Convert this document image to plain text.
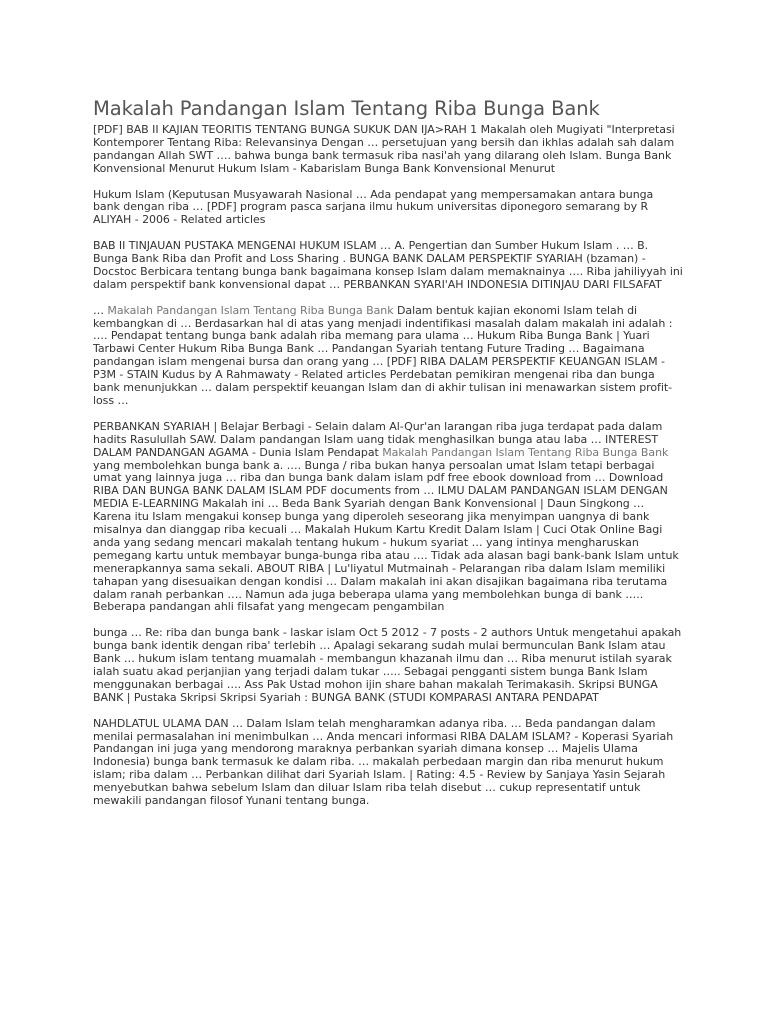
Makalah Pandangan Islam Tentang Riba Bunga Bank

[PDF] BAB II KAJIAN TEORITIS TENTANG BUNGA SUKUK DAN IJA>RAH 1 Makalah oleh Mugiyati "Interpretasi Kontemporer Tentang Riba: Relevansinya Dengan … persetujuan yang bersih dan ikhlas adalah sah dalam pandangan Allah SWT …. bahwa bunga bank termasuk riba nasi'ah yang dilarang oleh Islam. Bunga Bank Konvensional Menurut Hukum Islam - Kabarislam Bunga Bank Konvensional Menurut

Hukum Islam (Keputusan Musyawarah Nasional … Ada pendapat yang mempersamakan antara bunga bank dengan riba … [PDF] program pasca sarjana ilmu hukum universitas diponegoro semarang by R ALIYAH - 2006 - Related articles

BAB II TINJAUAN PUSTAKA MENGENAI HUKUM ISLAM … A. Pengertian dan Sumber Hukum Islam . … B. Bunga Bank Riba dan Profit and Loss Sharing . BUNGA BANK DALAM PERSPEKTIF SYARIAH (bzaman) - Docstoc Berbicara tentang bunga bank bagaimana konsep Islam dalam memaknainya …. Riba jahiliyyah ini dalam perspektif bank konvensional dapat … PERBANKAN SYARI'AH INDONESIA DITINJAU DARI FILSAFAT

… Makalah Pandangan Islam Tentang Riba Bunga Bank Dalam bentuk kajian ekonomi Islam telah di kembangkan di … Berdasarkan hal di atas yang menjadi indentifikasi masalah dalam makalah ini adalah : …. Pendapat tentang bunga bank adalah riba memang para ulama … Hukum Riba Bunga Bank | Yuari Tarbawi Center Hukum Riba Bunga Bank … Pandangan Syariah tentang Future Trading … Bagaimana pandangan islam mengenai bursa dan orang yang … [PDF] RIBA DALAM PERSPEKTIF KEUANGAN ISLAM - P3M - STAIN Kudus by A Rahmawaty - Related articles Perdebatan pemikiran mengenai riba dan bunga bank menunjukkan … dalam perspektif keuangan Islam dan di akhir tulisan ini menawarkan sistem profit-loss …

PERBANKAN SYARIAH | Belajar Berbagi - Selain dalam Al-Qur'an larangan riba juga terdapat pada dalam hadits Rasulullah SAW. Dalam pandangan Islam uang tidak menghasilkan bunga atau laba … INTEREST DALAM PANDANGAN AGAMA - Dunia Islam Pendapat Makalah Pandangan Islam Tentang Riba Bunga Bank yang membolehkan bunga bank a. …. Bunga / riba bukan hanya persoalan umat Islam tetapi berbagai umat yang lainnya juga … riba dan bunga bank dalam islam pdf free ebook download from … Download RIBA DAN BUNGA BANK DALAM ISLAM PDF documents from … ILMU DALAM PANDANGAN ISLAM DENGAN MEDIA E-LEARNING Makalah ini … Beda Bank Syariah dengan Bank Konvensional | Daun Singkong … Karena itu Islam mengakui konsep bunga yang diperoleh seseorang jika menyimpan uangnya di bank misalnya dan dianggap riba kecuali … Makalah Hukum Kartu Kredit Dalam Islam | Cuci Otak Online Bagi anda yang sedang mencari makalah tentang hukum - hukum syariat … yang intinya mengharuskan pemegang kartu untuk membayar bunga-bunga riba atau …. Tidak ada alasan bagi bank-bank Islam untuk menerapkannya sama sekali. ABOUT RIBA | Lu'liyatul Mutmainah - Pelarangan riba dalam Islam memiliki tahapan yang disesuaikan dengan kondisi … Dalam makalah ini akan disajikan bagaimana riba terutama dalam ranah perbankan …. Namun ada juga beberapa ulama yang membolehkan bunga di bank ….. Beberapa pandangan ahli filsafat yang mengecam pengambilan

bunga … Re: riba dan bunga bank - laskar islam Oct 5 2012 - 7 posts - 2 authors Untuk mengetahui apakah bunga bank identik dengan riba' terlebih … Apalagi sekarang sudah mulai bermunculan Bank Islam atau Bank … hukum islam tentang muamalah - membangun khazanah ilmu dan … Riba menurut istilah syarak ialah suatu akad perjanjian yang terjadi dalam tukar ….. Sebagai pengganti sistem bunga Bank Islam menggunakan berbagai …. Ass Pak Ustad mohon ijin share bahan makalah Terimakasih. Skripsi BUNGA BANK | Pustaka Skripsi Skripsi Syariah : BUNGA BANK (STUDI KOMPARASI ANTARA PENDAPAT

NAHDLATUL ULAMA DAN … Dalam Islam telah mengharamkan adanya riba. … Beda pandangan dalam menilai permasalahan ini menimbulkan … Anda mencari informasi RIBA DALAM ISLAM? - Koperasi Syariah Pandangan ini juga yang mendorong maraknya perbankan syariah dimana konsep … Majelis Ulama Indonesia) bunga bank termasuk ke dalam riba. … makalah perbedaan margin dan riba menurut hukum islam; riba dalam … Perbankan dilihat dari Syariah Islam. | Rating: 4.5 - Review by Sanjaya Yasin Sejarah menyebutkan bahwa sebelum Islam dan diluar Islam riba telah disebut … cukup representatif untuk mewakili pandangan filosof Yunani tentang bunga.
